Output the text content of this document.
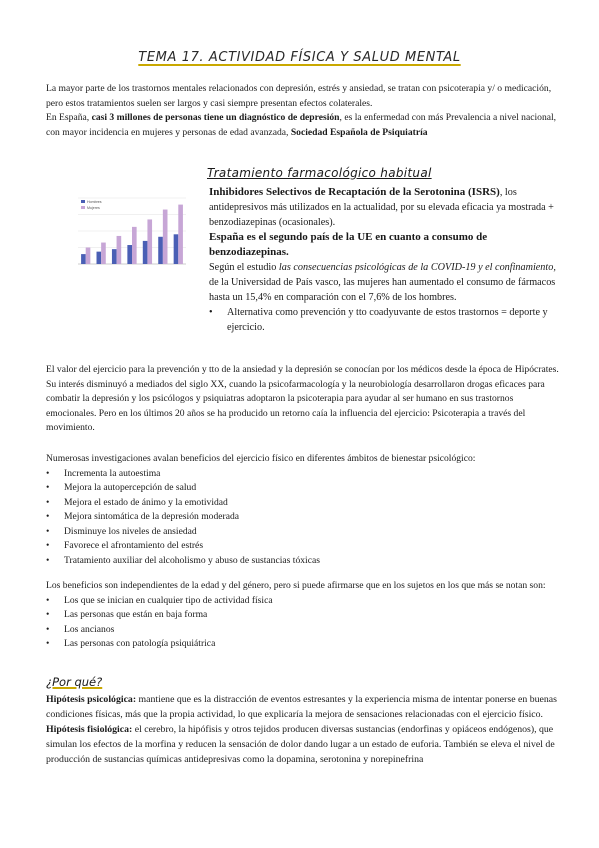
TEMA 17. ACTIVIDAD FÍSICA Y SALUD MENTAL
La mayor parte de los trastornos mentales relacionados con depresión, estrés y ansiedad, se tratan con psicoterapia y/ o medicación, pero estos tratamientos suelen ser largos y casi siempre presentan efectos colaterales.
En España, casi 3 millones de personas tiene un diagnóstico de depresión, es la enfermedad con más Prevalencia a nivel nacional, con mayor incidencia en mujeres y personas de edad avanzada, Sociedad Española de Psiquiatría
Tratamiento farmacológico habitual
Hombres
Mujeres
Inhibidores Selectivos de Recaptación de la Serotonina (ISRS), los antidepresivos más utilizados en la actualidad, por su elevada eficacia ya mostrada + benzodiazepinas (ocasionales).
España es el segundo país de la UE en cuanto a consumo de benzodiazepinas.
Según el estudio las consecuencias psicológicas de la COVID-19 y el confinamiento, de la Universidad de País vasco, las mujeres han aumentado el consumo de fármacos hasta un 15,4% en comparación con el 7,6% de los hombres.
• Alternativa como prevención y tto coadyuvante de estos trastornos = deporte y ejercicio.
El valor del ejercicio para la prevención y tto de la ansiedad y la depresión se conocían por los médicos desde la época de Hipócrates. Su interés disminuyó a mediados del siglo XX, cuando la psicofarmacología y la neurobiología desarrollaron drogas eficaces para combatir la depresión y los psicólogos y psiquiatras adoptaron la psicoterapia para ayudar al ser humano en sus trastornos emocionales. Pero en los últimos 20 años se ha producido un retorno caía la influencia del ejercicio: Psicoterapia a través del movimiento.
Numerosas investigaciones avalan beneficios del ejercicio físico en diferentes ámbitos de bienestar psicológico:
• Incrementa la autoestima
• Mejora la autopercepción de salud
• Mejora el estado de ánimo y la emotividad
• Mejora sintomática de la depresión moderada
• Disminuye los niveles de ansiedad
• Favorece el afrontamiento del estrés
• Tratamiento auxiliar del alcoholismo y abuso de sustancias tóxicas
Los beneficios son independientes de la edad y del género, pero si puede afirmarse que en los sujetos en los que más se notan son:
• Los que se inician en cualquier tipo de actividad física
• Las personas que están en baja forma
• Los ancianos
• Las personas con patología psiquiátrica
¿Por qué?
Hipótesis psicológica: mantiene que es la distracción de eventos estresantes y la experiencia misma de intentar ponerse en buenas condiciones físicas, más que la propia actividad, lo que explicaría la mejora de sensaciones relacionadas con el ejercicio físico.
Hipótesis fisiológica: el cerebro, la hipófisis y otros tejidos producen diversas sustancias (endorfinas y opiáceos endógenos), que simulan los efectos de la morfina y reducen la sensación de dolor dando lugar a un estado de euforia. También se eleva el nivel de producción de sustancias químicas antidepresivas como la dopamina, serotonina y norepinefrina
